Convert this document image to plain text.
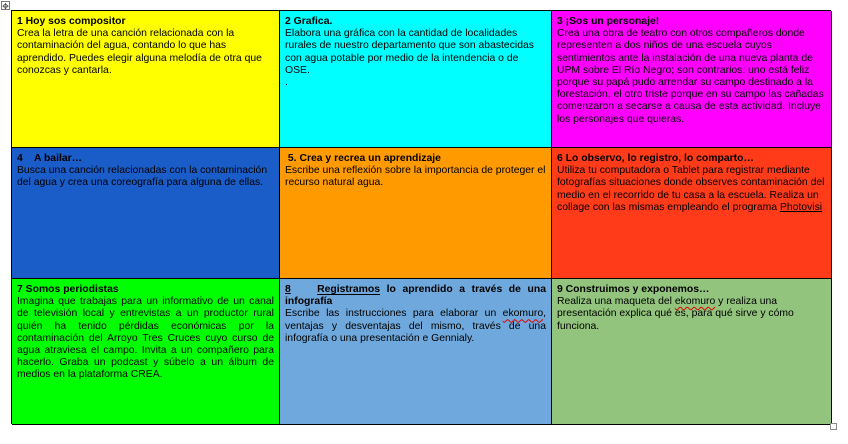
✥

1 Hoy sos compositor

Crea la letra de una canción relacionada con la contaminación del agua, contando lo que has aprendido. Puedes elegir alguna melodía de otra que conozcas y cantarla.

2 Grafica.

Elabora una gráfica con la cantidad de localidades rurales de nuestro departamento que son abastecidas con agua potable por medio de la intendencia o de OSE.

.

3 ¡Sos un personaje!

Crea una obra de teatro con otros compañeros donde representen a dos niños de una escuela cuyos sentimientos ante la instalación de una nueva planta de UPM sobre El Río Negro; son contrarios: uno está feliz porque su papá pudo arrendar su campo destinado a la forestación, el otro triste porque en su campo las cañadas comenzaron a secarse a causa de esta actividad. Incluye los personajes que quieras.

4    A bailar…

Busca una canción relacionadas con la contaminación del agua y crea una coreografía para alguna de ellas.

5. Crea y recrea un aprendizaje

Escribe una reflexión sobre la importancia de proteger el recurso natural agua.

6 Lo observo, lo registro, lo comparto…

Utiliza tu computadora o Tablet para registrar mediante fotografías situaciones donde observes contaminación del medio en el recorrido de tu casa a la escuela. Realiza un collage con las mismas empleando el programa Photovisi

7 Somos periodistas

Imagina que trabajas para un informativo de un canal de televisión local y entrevistas a un productor rural quién ha tenido pérdidas económicas por la contaminación del Arroyo Tres Cruces cuyo curso de agua atraviesa el campo. Invita a un compañero para hacerlo. Graba un podcast y súbelo a un álbum de medios en la plataforma CREA.

8	Registramos lo aprendido a través de una infografía

Escribe las instrucciones para elaborar un ekomuro, ventajas y desventajas del mismo, través de una infografía o una presentación e Gennialy.

9 Construimos y exponemos…

Realiza una maqueta del ekomuro y realiza una presentación explica qué es, para qué sirve y cómo funciona.
